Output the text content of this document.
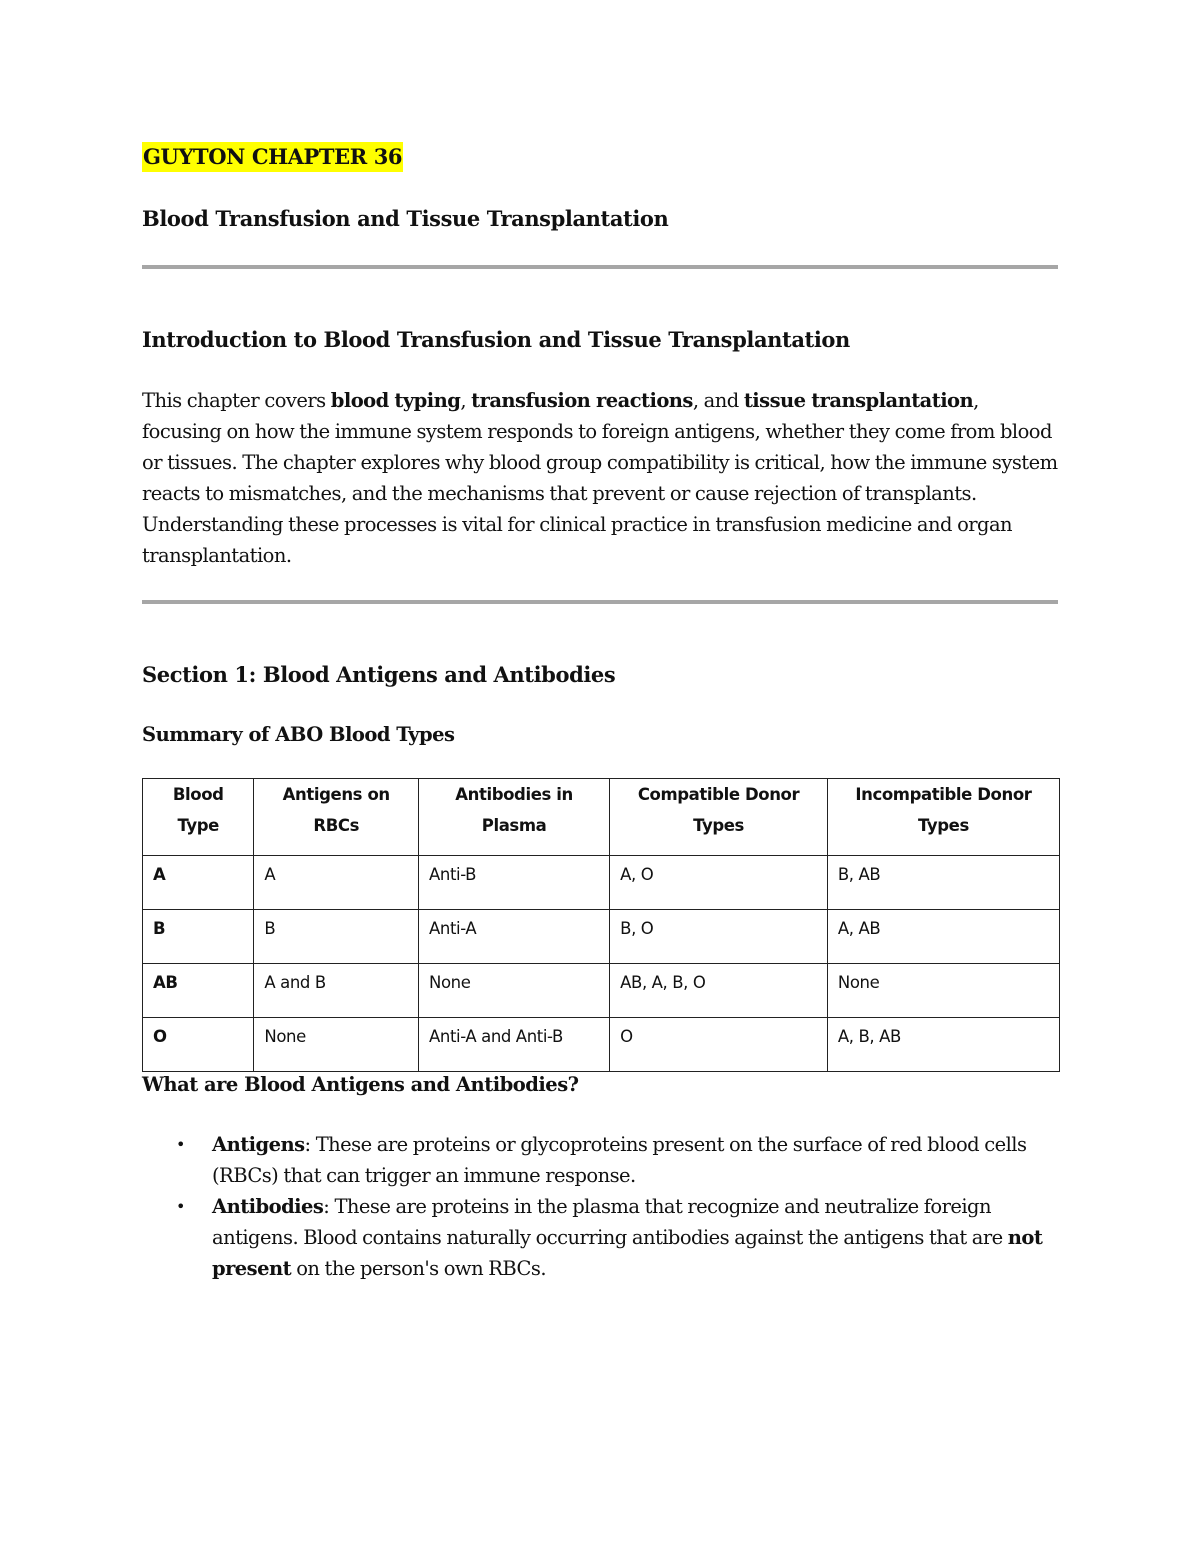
GUYTON CHAPTER 36
Blood Transfusion and Tissue Transplantation
Introduction to Blood Transfusion and Tissue Transplantation
This chapter covers blood typing, transfusion reactions, and tissue transplantation, focusing on how the immune system responds to foreign antigens, whether they come from blood or tissues. The chapter explores why blood group compatibility is critical, how the immune system reacts to mismatches, and the mechanisms that prevent or cause rejection of transplants. Understanding these processes is vital for clinical practice in transfusion medicine and organ transplantation.
Section 1: Blood Antigens and Antibodies
Summary of ABO Blood Types
Blood Type	Antigens on RBCs	Antibodies in Plasma	Compatible Donor Types	Incompatible Donor Types
A	A	Anti-B	A, O	B, AB
B	B	Anti-A	B, O	A, AB
AB	A and B	None	AB, A, B, O	None
O	None	Anti-A and Anti-B	O	A, B, AB
What are Blood Antigens and Antibodies?
• Antigens: These are proteins or glycoproteins present on the surface of red blood cells (RBCs) that can trigger an immune response.
• Antibodies: These are proteins in the plasma that recognize and neutralize foreign antigens. Blood contains naturally occurring antibodies against the antigens that are not present on the person's own RBCs.
